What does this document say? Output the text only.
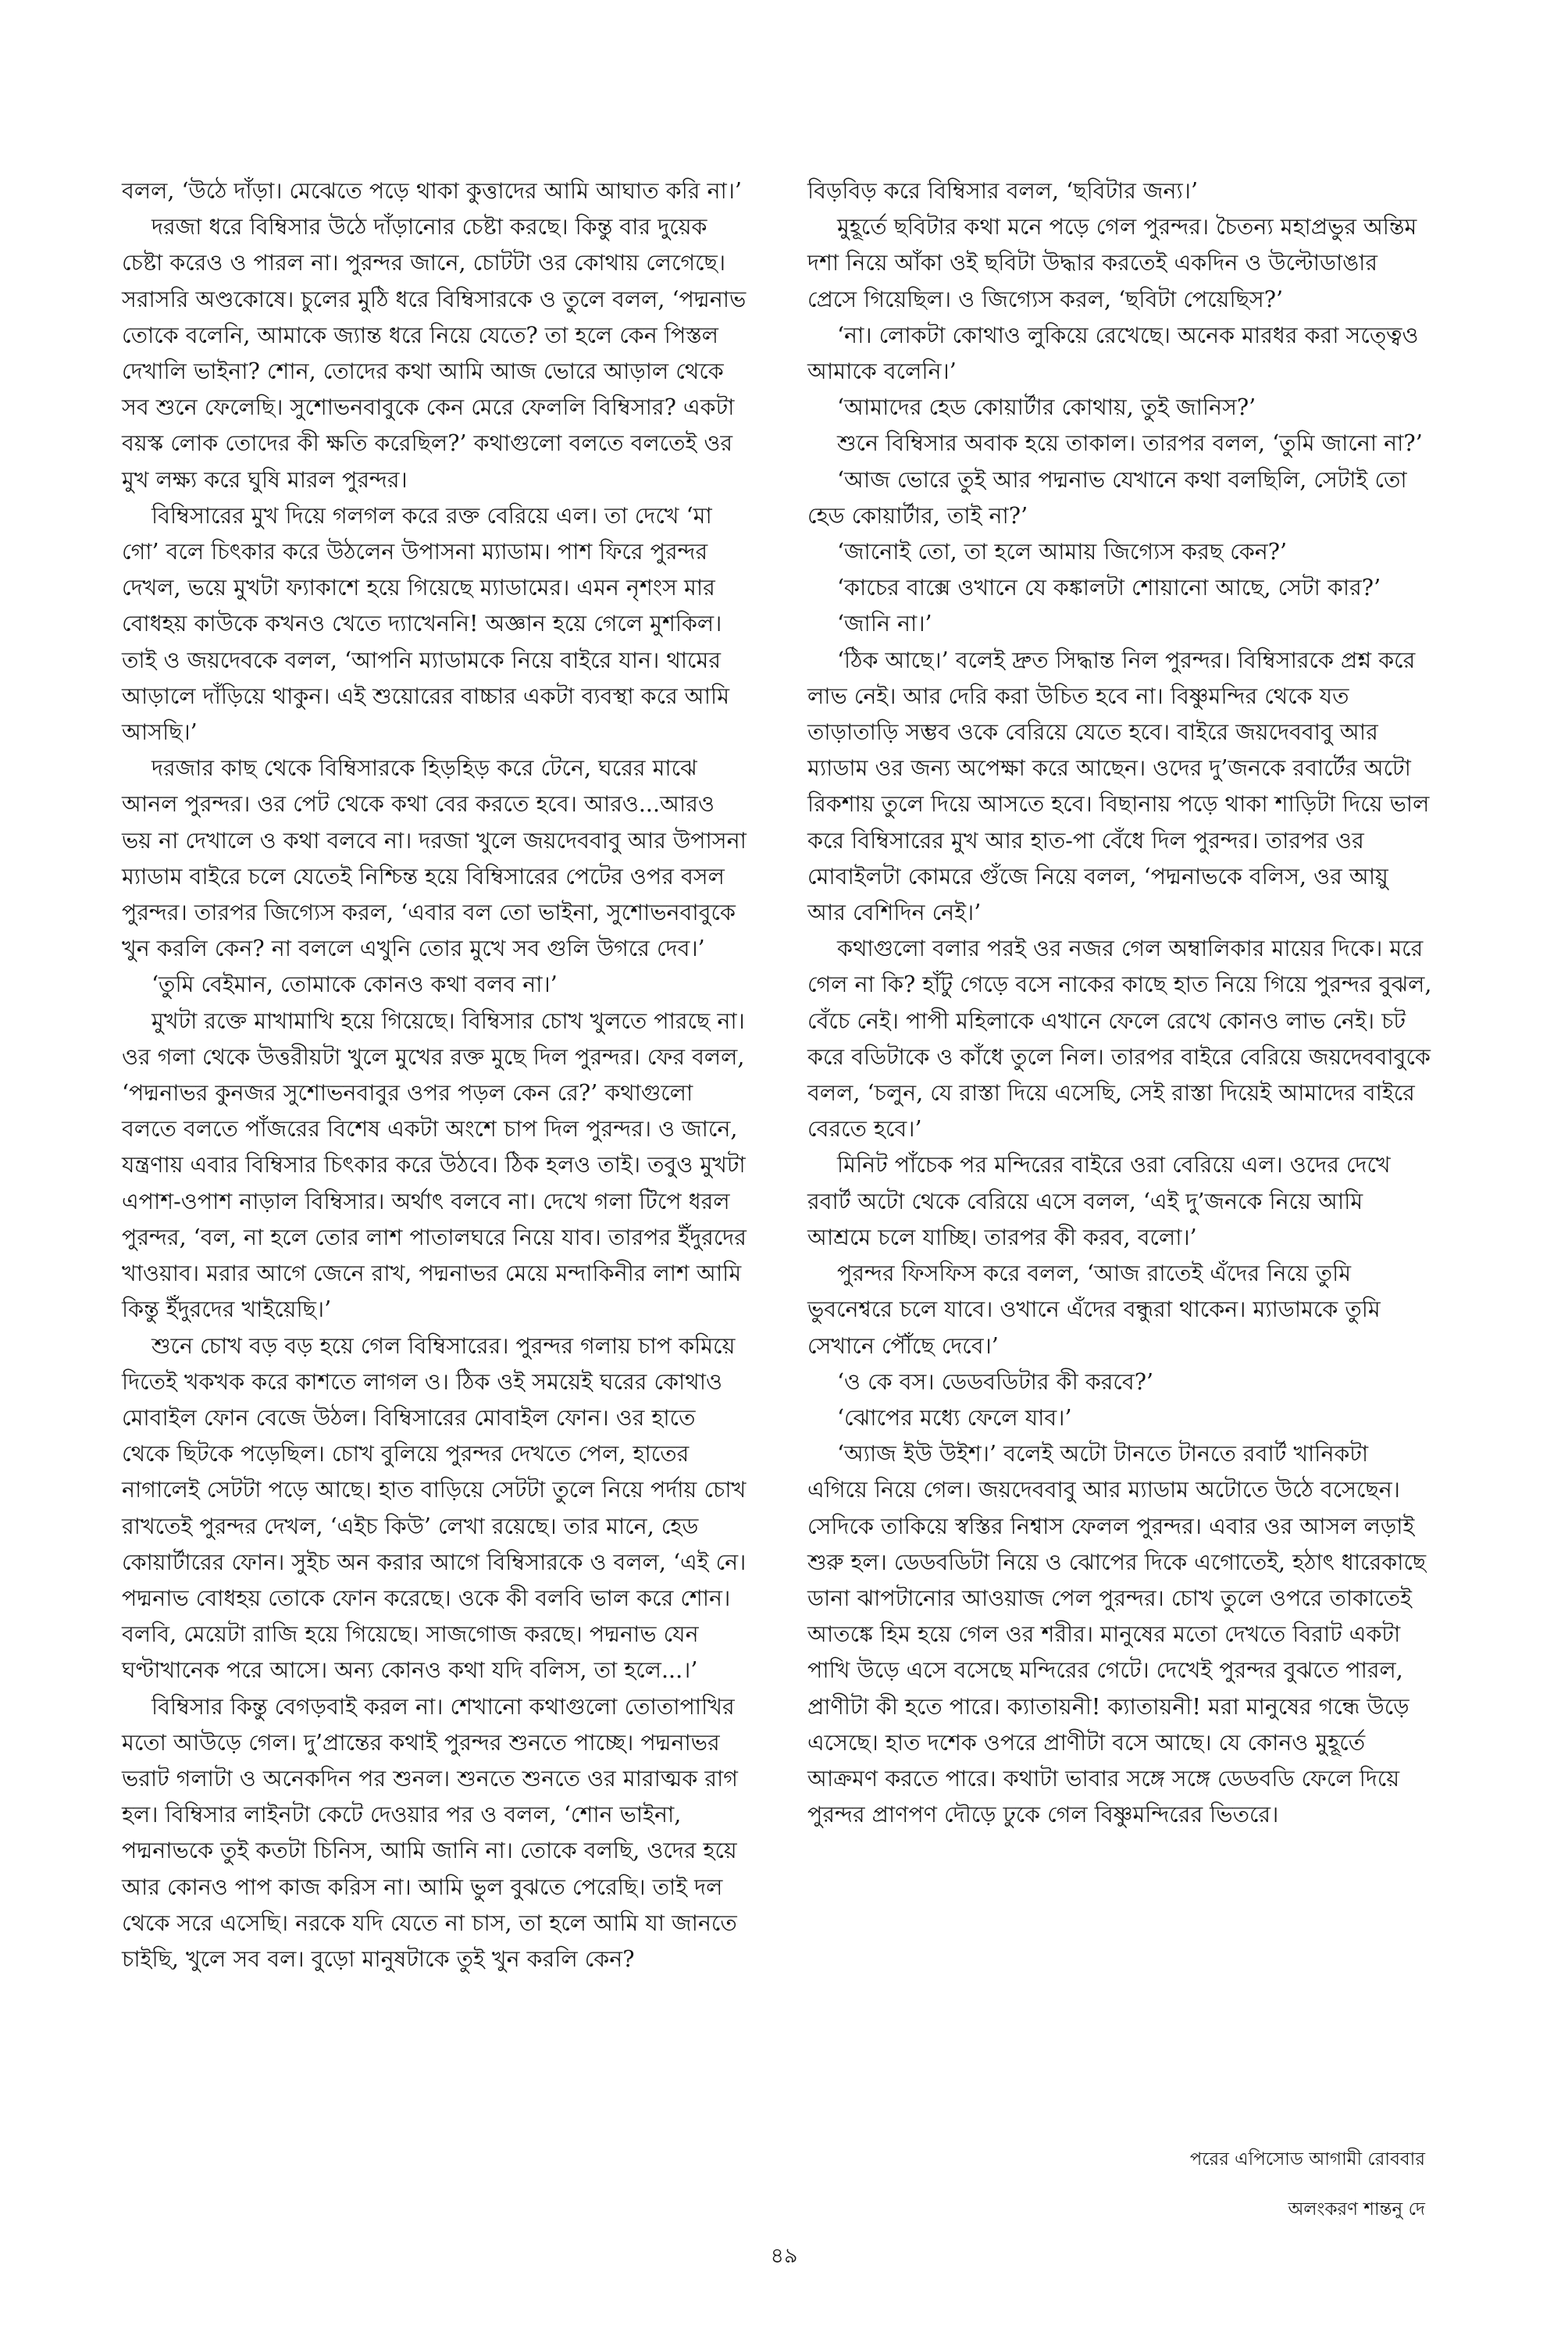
বলল, ‘উঠে দাঁড়া। মেঝেতে পড়ে থাকা কুত্তাদের আমি আঘাত করি না।’

দরজা ধরে বিম্বিসার উঠে দাঁড়ানোর চেষ্টা করছে। কিন্তু বার দুয়েক চেষ্টা করেও ও পারল না। পুরন্দর জানে, চোটটা ওর কোথায় লেগেছে। সরাসরি অণ্ডকোষে। চুলের মুঠি ধরে বিম্বিসারকে ও তুলে বলল, ‘পদ্মনাভ তোকে বলেনি, আমাকে জ্যান্ত ধরে নিয়ে যেতে? তা হলে কেন পিস্তল দেখালি ভাইনা? শোন, তোদের কথা আমি আজ ভোরে আড়াল থেকে সব শুনে ফেলেছি। সুশোভনবাবুকে কেন মেরে ফেললি বিম্বিসার? একটা বয়স্ক লোক তোদের কী ক্ষতি করেছিল?’ কথাগুলো বলতে বলতেই ওর মুখ লক্ষ্য করে ঘুষি মারল পুরন্দর।

বিম্বিসারের মুখ দিয়ে গলগল করে রক্ত বেরিয়ে এল। তা দেখে ‘মা গো’ বলে চিৎকার করে উঠলেন উপাসনা ম্যাডাম। পাশ ফিরে পুরন্দর দেখল, ভয়ে মুখটা ফ্যাকাশে হয়ে গিয়েছে ম্যাডামের। এমন নৃশংস মার বোধহয় কাউকে কখনও খেতে দ্যাখেননি! অজ্ঞান হয়ে গেলে মুশকিল। তাই ও জয়দেবকে বলল, ‘আপনি ম্যাডামকে নিয়ে বাইরে যান। থামের আড়ালে দাঁড়িয়ে থাকুন। এই শুয়োরের বাচ্চার একটা ব্যবস্থা করে আমি আসছি।’

দরজার কাছ থেকে বিম্বিসারকে হিড়হিড় করে টেনে, ঘরের মাঝে আনল পুরন্দর। ওর পেট থেকে কথা বের করতে হবে। আরও...আরও ভয় না দেখালে ও কথা বলবে না। দরজা খুলে জয়দেববাবু আর উপাসনা ম্যাডাম বাইরে চলে যেতেই নিশ্চিন্ত হয়ে বিম্বিসারের পেটের ওপর বসল পুরন্দর। তারপর জিগ্যেস করল, ‘এবার বল তো ভাইনা, সুশোভনবাবুকে খুন করলি কেন? না বললে এখুনি তোর মুখে সব গুলি উগরে দেব।’

‘তুমি বেইমান, তোমাকে কোনও কথা বলব না।’

মুখটা রক্তে মাখামাখি হয়ে গিয়েছে। বিম্বিসার চোখ খুলতে পারছে না। ওর গলা থেকে উত্তরীয়টা খুলে মুখের রক্ত মুছে দিল পুরন্দর। ফের বলল, ‘পদ্মনাভর কুনজর সুশোভনবাবুর ওপর পড়ল কেন রে?’ কথাগুলো বলতে বলতে পাঁজরের বিশেষ একটা অংশে চাপ দিল পুরন্দর। ও জানে, যন্ত্রণায় এবার বিম্বিসার চিৎকার করে উঠবে। ঠিক হলও তাই। তবুও মুখটা এপাশ-ওপাশ নাড়াল বিম্বিসার। অর্থাৎ বলবে না। দেখে গলা টিপে ধরল পুরন্দর, ‘বল, না হলে তোর লাশ পাতালঘরে নিয়ে যাব। তারপর ইঁদুরদের খাওয়াব। মরার আগে জেনে রাখ, পদ্মনাভর মেয়ে মন্দাকিনীর লাশ আমি কিন্তু ইঁদুরদের খাইয়েছি।’

শুনে চোখ বড় বড় হয়ে গেল বিম্বিসারের। পুরন্দর গলায় চাপ কমিয়ে দিতেই খকখক করে কাশতে লাগল ও। ঠিক ওই সময়েই ঘরের কোথাও মোবাইল ফোন বেজে উঠল। বিম্বিসারের মোবাইল ফোন। ওর হাতে থেকে ছিটকে পড়েছিল। চোখ বুলিয়ে পুরন্দর দেখতে পেল, হাতের নাগালেই সেটটা পড়ে আছে। হাত বাড়িয়ে সেটটা তুলে নিয়ে পর্দায় চোখ রাখতেই পুরন্দর দেখল, ‘এইচ কিউ’ লেখা রয়েছে। তার মানে, হেড কোয়ার্টারের ফোন। সুইচ অন করার আগে বিম্বিসারকে ও বলল, ‘এই নে। পদ্মনাভ বোধহয় তোকে ফোন করেছে। ওকে কী বলবি ভাল করে শোন। বলবি, মেয়েটা রাজি হয়ে গিয়েছে। সাজগোজ করছে। পদ্মনাভ যেন ঘণ্টাখানেক পরে আসে। অন্য কোনও কথা যদি বলিস, তা হলে...।’

বিম্বিসার কিন্তু বেগড়বাই করল না। শেখানো কথাগুলো তোতাপাখির মতো আউড়ে গেল। দু’প্রান্তের কথাই পুরন্দর শুনতে পাচ্ছে। পদ্মনাভর ভরাট গলাটা ও অনেকদিন পর শুনল। শুনতে শুনতে ওর মারাত্মক রাগ হল। বিম্বিসার লাইনটা কেটে দেওয়ার পর ও বলল, ‘শোন ভাইনা, পদ্মনাভকে তুই কতটা চিনিস, আমি জানি না। তোকে বলছি, ওদের হয়ে আর কোনও পাপ কাজ করিস না। আমি ভুল বুঝতে পেরেছি। তাই দল থেকে সরে এসেছি। নরকে যদি যেতে না চাস, তা হলে আমি যা জানতে চাইছি, খুলে সব বল। বুড়ো মানুষটাকে তুই খুন করলি কেন?

বিড়বিড় করে বিম্বিসার বলল, ‘ছবিটার জন্য।’

মুহূর্তে ছবিটার কথা মনে পড়ে গেল পুরন্দর। চৈতন্য মহাপ্রভুর অন্তিম দশা নিয়ে আঁকা ওই ছবিটা উদ্ধার করতেই একদিন ও উল্টোডাঙার প্রেসে গিয়েছিল। ও জিগ্যেস করল, ‘ছবিটা পেয়েছিস?’

‘না। লোকটা কোথাও লুকিয়ে রেখেছে। অনেক মারধর করা সত্ত্বেও আমাকে বলেনি।’

‘আমাদের হেড কোয়ার্টার কোথায়, তুই জানিস?’

শুনে বিম্বিসার অবাক হয়ে তাকাল। তারপর বলল, ‘তুমি জানো না?’

‘আজ ভোরে তুই আর পদ্মনাভ যেখানে কথা বলছিলি, সেটাই তো হেড কোয়ার্টার, তাই না?’

‘জানোই তো, তা হলে আমায় জিগ্যেস করছ কেন?’

‘কাচের বাক্সে ওখানে যে কঙ্কালটা শোয়ানো আছে, সেটা কার?’

‘জানি না।’

‘ঠিক আছে।’ বলেই দ্রুত সিদ্ধান্ত নিল পুরন্দর। বিম্বিসারকে প্রশ্ন করে লাভ নেই। আর দেরি করা উচিত হবে না। বিষ্ণুমন্দির থেকে যত তাড়াতাড়ি সম্ভব ওকে বেরিয়ে যেতে হবে। বাইরে জয়দেববাবু আর ম্যাডাম ওর জন্য অপেক্ষা করে আছেন। ওদের দু’জনকে রবার্টের অটো রিকশায় তুলে দিয়ে আসতে হবে। বিছানায় পড়ে থাকা শাড়িটা দিয়ে ভাল করে বিম্বিসারের মুখ আর হাত-পা বেঁধে দিল পুরন্দর। তারপর ওর মোবাইলটা কোমরে গুঁজে নিয়ে বলল, ‘পদ্মনাভকে বলিস, ওর আয়ু আর বেশিদিন নেই।’

কথাগুলো বলার পরই ওর নজর গেল অম্বালিকার মায়ের দিকে। মরে গেল না কি? হাঁটু গেড়ে বসে নাকের কাছে হাত নিয়ে গিয়ে পুরন্দর বুঝল, বেঁচে নেই। পাপী মহিলাকে এখানে ফেলে রেখে কোনও লাভ নেই। চট করে বডিটাকে ও কাঁধে তুলে নিল। তারপর বাইরে বেরিয়ে জয়দেববাবুকে বলল, ‘চলুন, যে রাস্তা দিয়ে এসেছি, সেই রাস্তা দিয়েই আমাদের বাইরে বেরতে হবে।’

মিনিট পাঁচেক পর মন্দিরের বাইরে ওরা বেরিয়ে এল। ওদের দেখে রবার্ট অটো থেকে বেরিয়ে এসে বলল, ‘এই দু’জনকে নিয়ে আমি আশ্রমে চলে যাচ্ছি। তারপর কী করব, বলো।’

পুরন্দর ফিসফিস করে বলল, ‘আজ রাতেই এঁদের নিয়ে তুমি ভুবনেশ্বরে চলে যাবে। ওখানে এঁদের বন্ধুরা থাকেন। ম্যাডামকে তুমি সেখানে পৌঁছে দেবে।’

‘ও কে বস। ডেডবডিটার কী করবে?’

‘ঝোপের মধ্যে ফেলে যাব।’

‘অ্যাজ ইউ উইশ।’ বলেই অটো টানতে টানতে রবার্ট খানিকটা এগিয়ে নিয়ে গেল। জয়দেববাবু আর ম্যাডাম অটোতে উঠে বসেছেন। সেদিকে তাকিয়ে স্বস্তির নিশ্বাস ফেলল পুরন্দর। এবার ওর আসল লড়াই শুরু হল। ডেডবডিটা নিয়ে ও ঝোপের দিকে এগোতেই, হঠাৎ ধারেকাছে ডানা ঝাপটানোর আওয়াজ পেল পুরন্দর। চোখ তুলে ওপরে তাকাতেই আতঙ্কে হিম হয়ে গেল ওর শরীর। মানুষের মতো দেখতে বিরাট একটা পাখি উড়ে এসে বসেছে মন্দিরের গেটে। দেখেই পুরন্দর বুঝতে পারল, প্রাণীটা কী হতে পারে। ক্যাতায়নী! ক্যাতায়নী! মরা মানুষের গন্ধে উড়ে এসেছে। হাত দশেক ওপরে প্রাণীটা বসে আছে। যে কোনও মুহূর্তে আক্রমণ করতে পারে। কথাটা ভাবার সঙ্গে সঙ্গে ডেডবডি ফেলে দিয়ে পুরন্দর প্রাণপণ দৌড়ে ঢুকে গেল বিষ্ণুমন্দিরের ভিতরে।

পরের এপিসোড আগামী রোববার

অলংকরণ শান্তনু দে

৪৯
